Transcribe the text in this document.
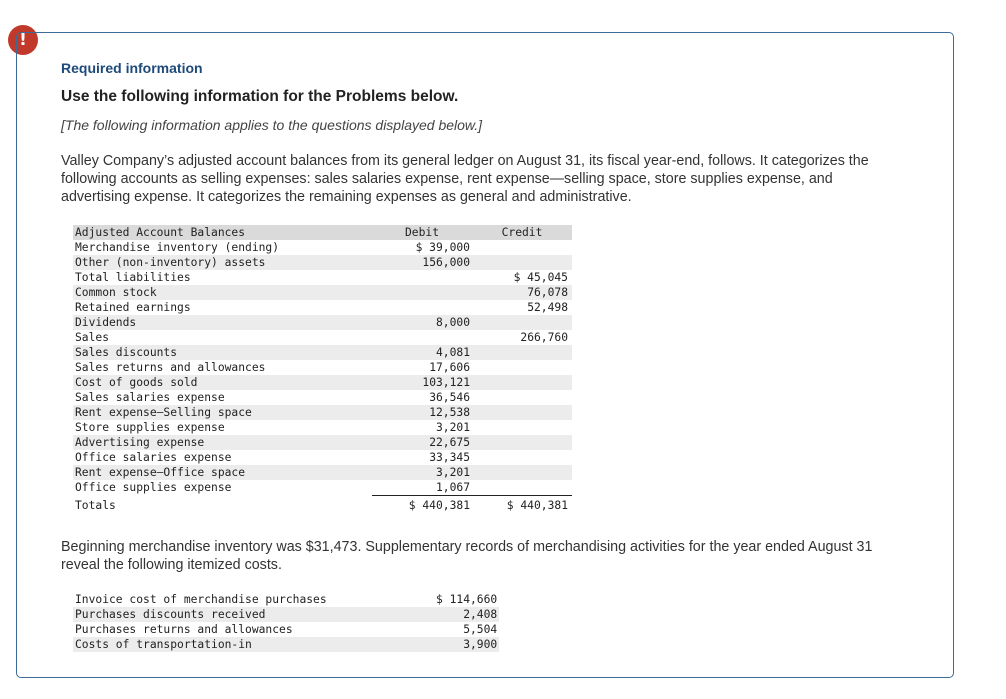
!
Required information
Use the following information for the Problems below.
[The following information applies to the questions displayed below.]
Valley Company’s adjusted account balances from its general ledger on August 31, its fiscal year-end, follows. It categorizes the following accounts as selling expenses: sales salaries expense, rent expense—selling space, store supplies expense, and advertising expense. It categorizes the remaining expenses as general and administrative.
Adjusted Account Balances	Debit	Credit
Merchandise inventory (ending)	$ 39,000	
Other (non-inventory) assets	156,000	
Total liabilities		$ 45,045
Common stock		76,078
Retained earnings		52,498
Dividends	8,000	
Sales		266,760
Sales discounts	4,081	
Sales returns and allowances	17,606	
Cost of goods sold	103,121	
Sales salaries expense	36,546	
Rent expense—Selling space	12,538	
Store supplies expense	3,201	
Advertising expense	22,675	
Office salaries expense	33,345	
Rent expense—Office space	3,201	
Office supplies expense	1,067	
Totals	$ 440,381	$ 440,381
Beginning merchandise inventory was $31,473. Supplementary records of merchandising activities for the year ended August 31 reveal the following itemized costs.
Invoice cost of merchandise purchases	$ 114,660
Purchases discounts received	2,408
Purchases returns and allowances	5,504
Costs of transportation-in	3,900
